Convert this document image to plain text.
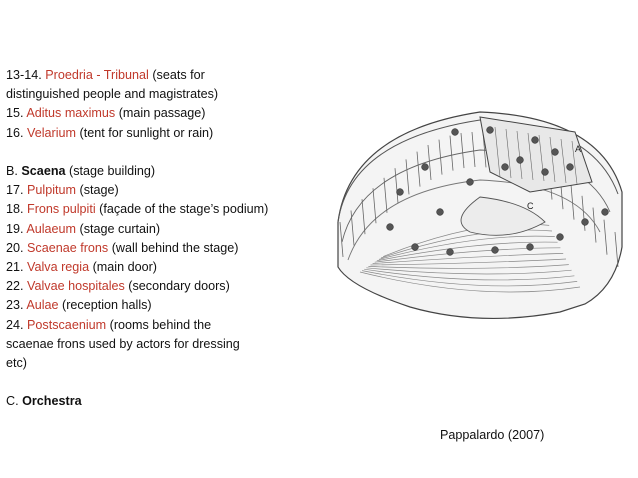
13-14. Proedria - Tribunal (seats for
distinguished people and magistrates)
15. Aditus maximus (main passage)
16. Velarium (tent for sunlight or rain)
B. Scaena (stage building)
17. Pulpitum (stage)
18. Frons pulpiti (façade of the stage’s podium)
19. Aulaeum (stage curtain)
20. Scaenae frons (wall behind the stage)
21. Valva regia (main door)
22. Valvae hospitales (secondary doors)
23. Aulae (reception halls)
24. Postscaenium (rooms behind the
scaenae frons used by actors for dressing
etc)
C. Orchestra
C
A
Pappalardo (2007)
